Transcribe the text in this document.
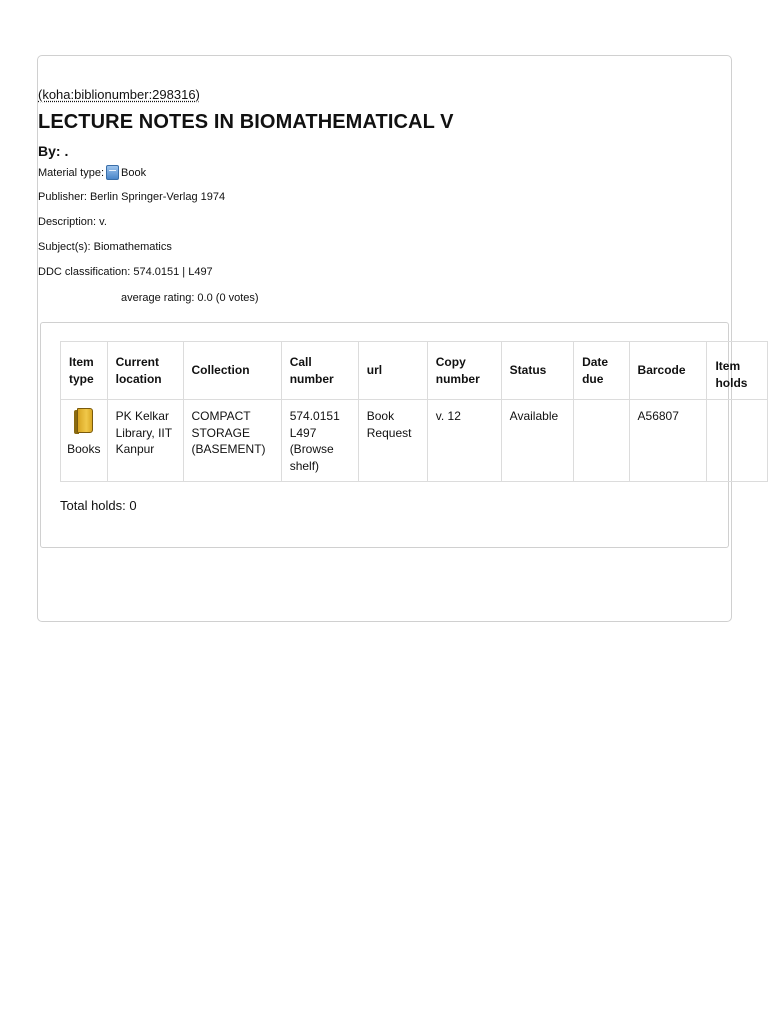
(koha:biblionumber:298316)
LECTURE NOTES IN BIOMATHEMATICAL V
By: .
Material type: Book
Publisher: Berlin Springer-Verlag 1974
Description: v.
Subject(s): Biomathematics
DDC classification: 574.0151 | L497
average rating: 0.0 (0 votes)
Item type	Current location	Collection	Call number	url	Copy number	Status	Date due	Barcode	Item holds

Books	PK Kelkar Library, IIT Kanpur	COMPACT STORAGE (BASEMENT)	574.0151 L497 (Browse shelf)	Book Request	v. 12	Available		A56807	
Total holds: 0
